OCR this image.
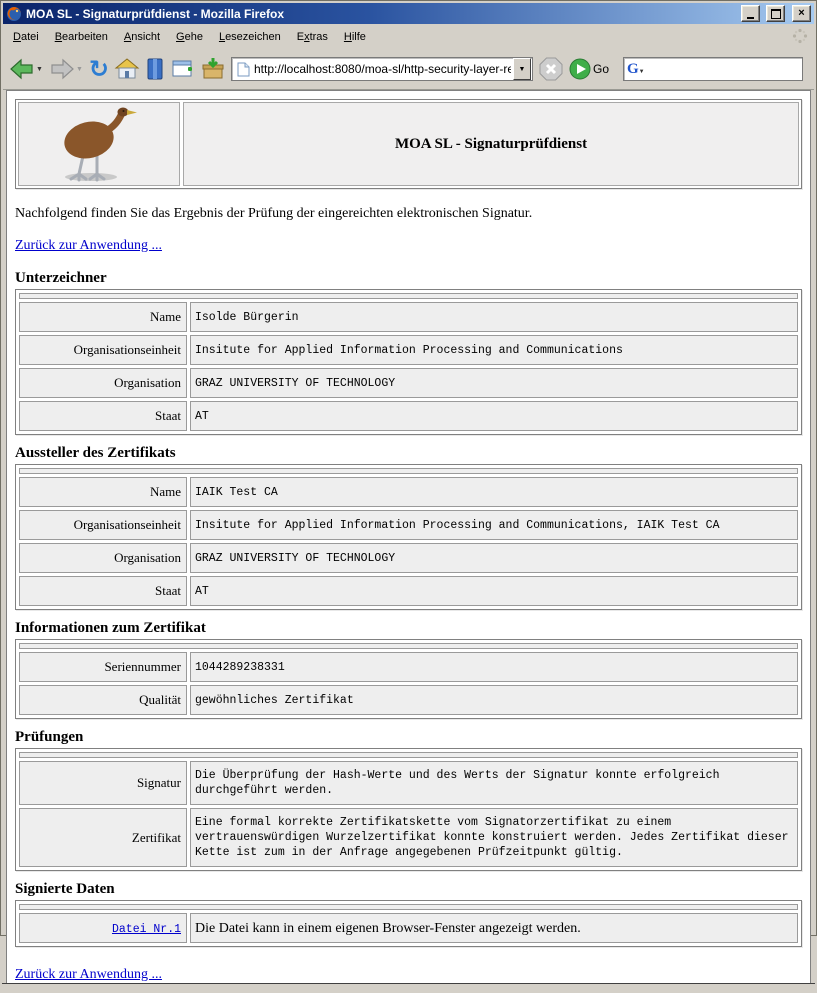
MOA SL - Signaturprüfdienst - Mozilla Firefox	×
Datei	Bearbeiten	Ansicht	Gehe	Lesezeichen	Extras	Hilfe
▼	▼ ↻
http://localhost:8080/moa-sl/http-security-layer-requ	▼	Go G ▼
MOA SL - Signaturprüfdienst

Nachfolgend finden Sie das Ergebnis der Prüfung der eingereichten elektronischen Signatur.

Zurück zur Anwendung ...
Unterzeichner

Name	Isolde Bürgerin
Organisationseinheit	Insitute for Applied Information Processing and Communications
Organisation	GRAZ UNIVERSITY OF TECHNOLOGY
Staat	AT
Aussteller des Zertifikats

Name	IAIK Test CA
Organisationseinheit	Insitute for Applied Information Processing and Communications, IAIK Test CA
Organisation	GRAZ UNIVERSITY OF TECHNOLOGY
Staat	AT
Informationen zum Zertifikat

Seriennummer	1044289238331
Qualität	gewöhnliches Zertifikat
Prüfungen

Signatur	Die Überprüfung der Hash-Werte und des Werts der Signatur konnte erfolgreich durchgeführt werden.
Zertifikat	Eine formal korrekte Zertifikatskette vom Signatorzertifikat zu einem vertrauenswürdigen Wurzelzertifikat konnte konstruiert werden. Jedes Zertifikat dieser Kette ist zum in der Anfrage angegebenen Prüfzeitpunkt gültig.
Signierte Daten

Datei Nr.1	Die Datei kann in einem eigenen Browser-Fenster angezeigt werden.
Zurück zur Anwendung ...
